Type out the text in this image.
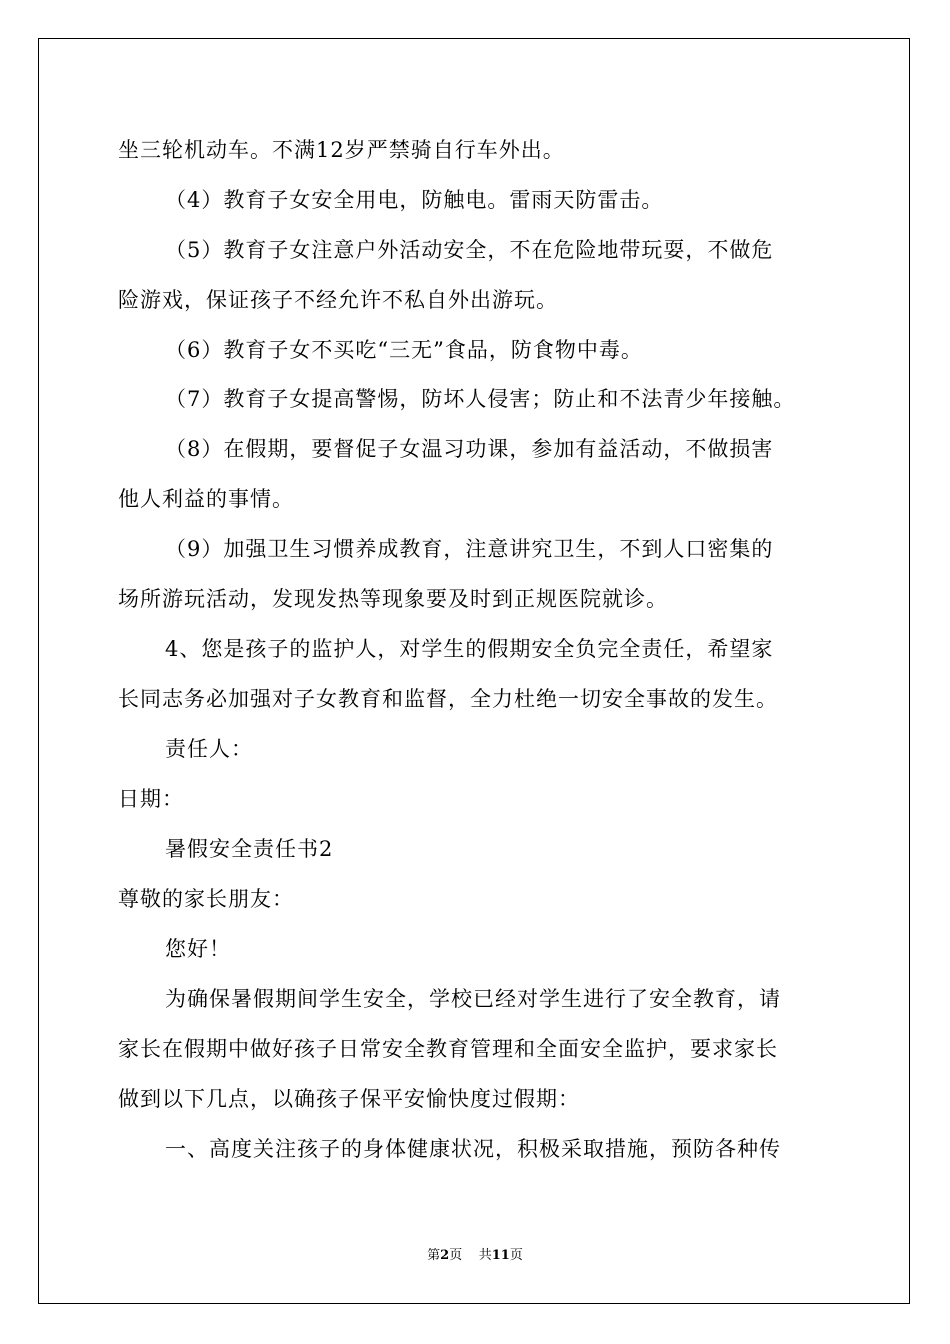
坐三轮机动车。不满12岁严禁骑自行车外出。
（4）教育子女安全用电，防触电。雷雨天防雷击。
（5）教育子女注意户外活动安全，不在危险地带玩耍，不做危
险游戏，保证孩子不经允许不私自外出游玩。
（6）教育子女不买吃“三无”食品，防食物中毒。
（7）教育子女提高警惕，防坏人侵害；防止和不法青少年接触。
（8）在假期，要督促子女温习功课，参加有益活动，不做损害
他人利益的事情。
（9）加强卫生习惯养成教育，注意讲究卫生，不到人口密集的
场所游玩活动，发现发热等现象要及时到正规医院就诊。
4、您是孩子的监护人，对学生的假期安全负完全责任，希望家
长同志务必加强对子女教育和监督，全力杜绝一切安全事故的发生。
责任人：
日期：
暑假安全责任书2
尊敬的家长朋友：
您好！
为确保暑假期间学生安全，学校已经对学生进行了安全教育，请
家长在假期中做好孩子日常安全教育管理和全面安全监护，要求家长
做到以下几点，以确孩子保平安愉快度过假期：
一、高度关注孩子的身体健康状况，积极采取措施，预防各种传
第2页 共11页
